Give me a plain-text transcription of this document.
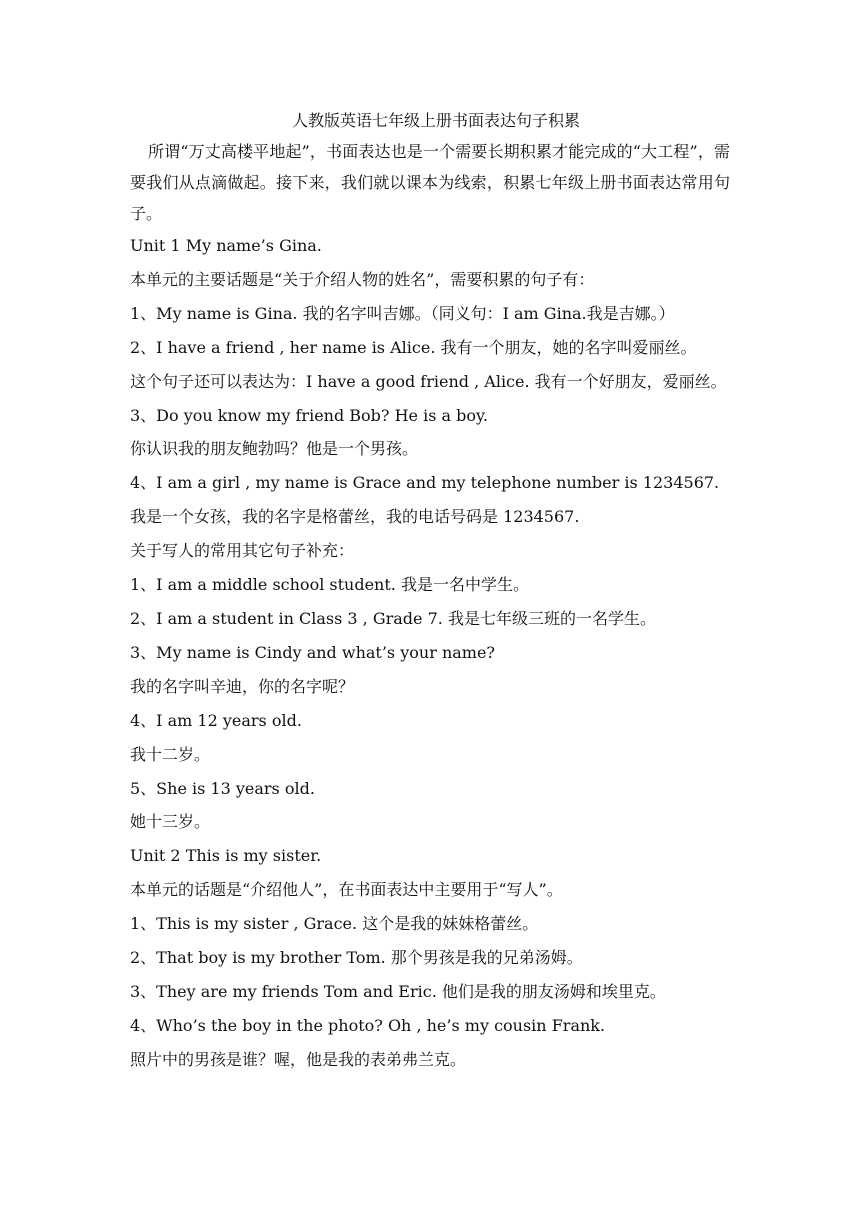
人教版英语七年级上册书面表达句子积累

所谓“万丈高楼平地起”，书面表达也是一个需要长期积累才能完成的“大工程”，需要我们从点滴做起。接下来，我们就以课本为线索，积累七年级上册书面表达常用句子。

Unit 1 My name’s Gina.

本单元的主要话题是“关于介绍人物的姓名”，需要积累的句子有：

1、My name is Gina. 我的名字叫吉娜。（同义句：I am Gina.我是吉娜。）

2、I have a friend , her name is Alice. 我有一个朋友，她的名字叫爱丽丝。

这个句子还可以表达为：I have a good friend , Alice. 我有一个好朋友，爱丽丝。

3、Do you know my friend Bob? He is a boy.

你认识我的朋友鲍勃吗？他是一个男孩。

4、I am a girl , my name is Grace and my telephone number is 1234567.

我是一个女孩，我的名字是格蕾丝，我的电话号码是 1234567.

关于写人的常用其它句子补充：

1、I am a middle school student. 我是一名中学生。

2、I am a student in Class 3 , Grade 7. 我是七年级三班的一名学生。

3、My name is Cindy and what’s your name?

我的名字叫辛迪，你的名字呢？

4、I am 12 years old.

我十二岁。

5、She is 13 years old.

她十三岁。

Unit 2 This is my sister.

本单元的话题是“介绍他人”，在书面表达中主要用于“写人”。

1、This is my sister , Grace. 这个是我的妹妹格蕾丝。

2、That boy is my brother Tom. 那个男孩是我的兄弟汤姆。

3、They are my friends Tom and Eric. 他们是我的朋友汤姆和埃里克。

4、Who’s the boy in the photo? Oh , he’s my cousin Frank.

照片中的男孩是谁？喔，他是我的表弟弗兰克。
